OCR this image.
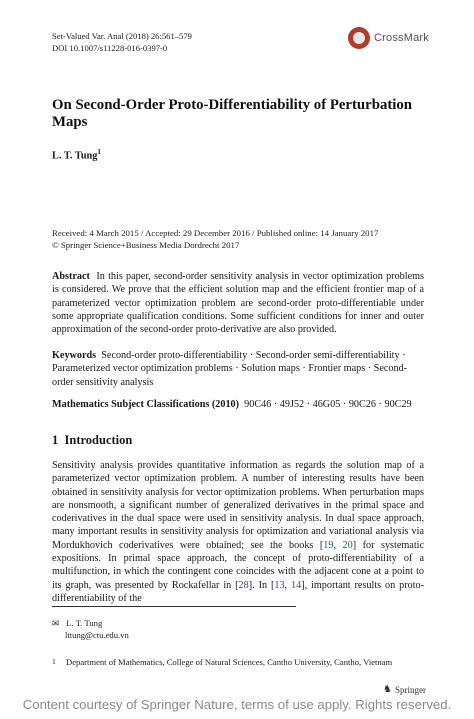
Set-Valued Var. Anal (2018) 26:561–579
DOI 10.1007/s11228-016-0397-0
CrossMark
On Second-Order Proto-Differentiability of Perturbation Maps
L. T. Tung$^1$
Received: 4 March 2015 / Accepted: 29 December 2016 / Published online: 14 January 2017
© Springer Science+Business Media Dordrecht 2017
Abstract In this paper, second-order sensitivity analysis in vector optimization problems is considered. We prove that the efficient solution map and the efficient frontier map of a parameterized vector optimization problem are second-order proto-differentiable under some appropriate qualification conditions. Some sufficient conditions for inner and outer approximation of the second-order proto-derivative are also provided.
Keywords Second-order proto-differentiability · Second-order semi-differentiability · Parameterized vector optimization problems · Solution maps · Frontier maps · Second-order sensitivity analysis
Mathematics Subject Classifications (2010) 90C46 · 49J52 · 46G05 · 90C26 · 90C29
1 Introduction
Sensitivity analysis provides quantitative information as regards the solution map of a parameterized vector optimization problem. A number of interesting results have been obtained in sensitivity analysis for vector optimization problems. When perturbation maps are nonsmooth, a significant number of generalized derivatives in the primal space and coderivatives in the dual space were used in sensitivity analysis. In dual space approach, many important results in sensitivity analysis for optimization and variational analysis via Mordukhovich coderivatives were obtained; see the books [19, 20] for systematic expositions. In primal space approach, the concept of proto-differentiability of a multifunction, in which the contingent cone coincides with the adjacent cone at a point to its graph, was presented by Rockafellar in [28]. In [13, 14], important results on proto-differentiability of the
✉ L. T. Tung
lttung@ctu.edu.vn
1 Department of Mathematics, College of Natural Sciences, Cantho University, Cantho, Vietnam
♞ Springer
Content courtesy of Springer Nature, terms of use apply. Rights reserved.
